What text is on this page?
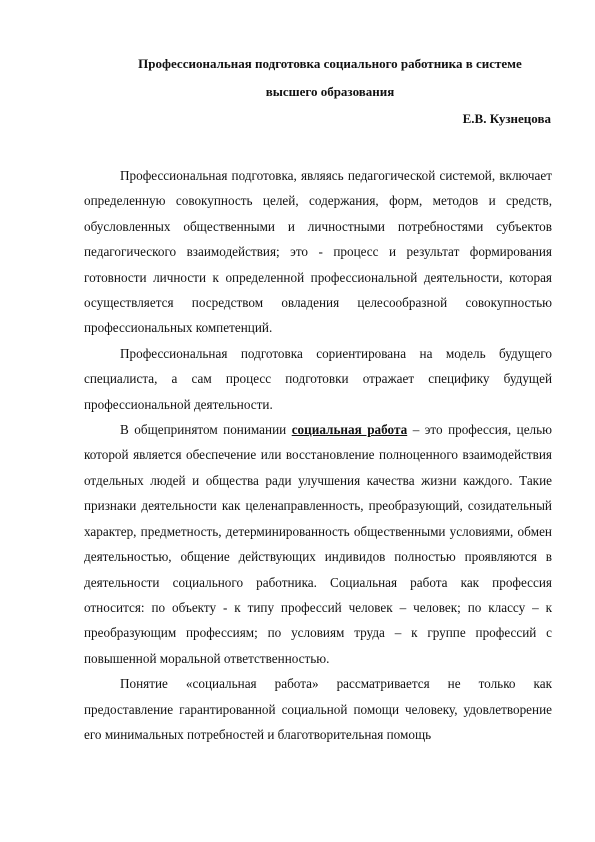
Профессиональная подготовка социального работника в системе
высшего образования
Е.В. Кузнецова

Профессиональная подготовка, являясь педагогической системой, включает определенную совокупность целей, содержания, форм, методов и средств, обусловленных общественными и личностными потребностями субъектов педагогического взаимодействия; это - процесс и результат формирования готовности личности к определенной профессиональной деятельности, которая осуществляется посредством овладения целесообразной совокупностью профессиональных компетенций.

Профессиональная подготовка сориентирована на модель будущего специалиста, а сам процесс подготовки отражает специфику будущей профессиональной деятельности.

В общепринятом понимании социальная работа – это профессия, целью которой является обеспечение или восстановление полноценного взаимодействия отдельных людей и общества ради улучшения качества жизни каждого. Такие признаки деятельности как целенаправленность, преобразующий, созидательный характер, предметность, детерминированность общественными условиями, обмен деятельностью, общение действующих индивидов полностью проявляются в деятельности социального работника. Социальная работа как профессия относится: по объекту - к типу профессий человек – человек; по классу – к преобразующим профессиям; по условиям труда – к группе профессий с повышенной моральной ответственностью.

Понятие «социальная работа» рассматривается не только как предоставление гарантированной социальной помощи человеку, удовлетворение его минимальных потребностей и благотворительная помощь
